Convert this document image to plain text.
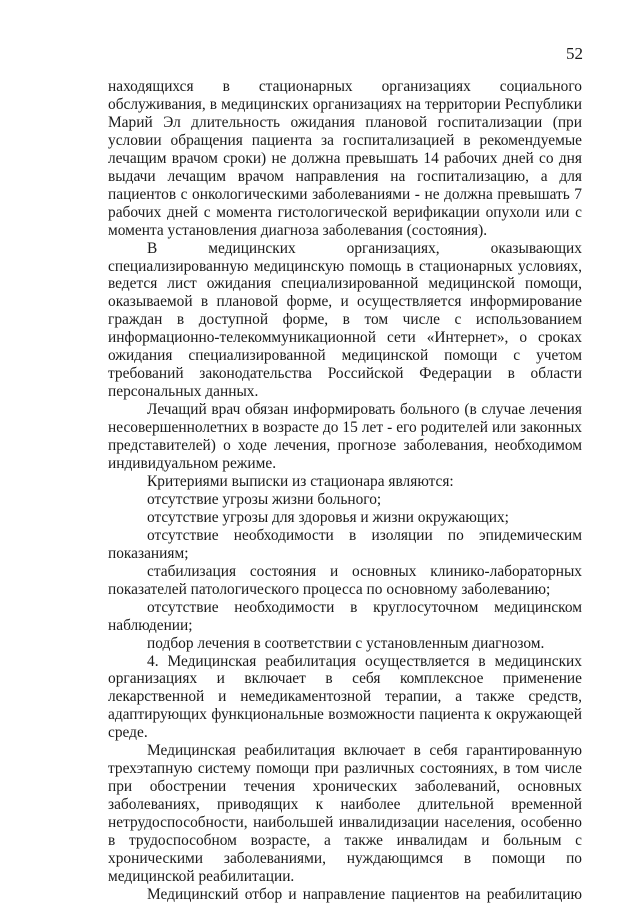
52

находящихся в стационарных организациях социального обслуживания, в медицинских организациях на территории Республики Марий Эл длительность ожидания плановой госпитализации (при условии обращения пациента за госпитализацией в рекомендуемые лечащим врачом сроки) не должна превышать 14 рабочих дней со дня выдачи лечащим врачом направления на госпитализацию, а для пациентов с онкологическими заболеваниями - не должна превышать 7 рабочих дней с момента гистологической верификации опухоли или с момента установления диагноза заболевания (состояния).

В медицинских организациях, оказывающих специализированную медицинскую помощь в стационарных условиях, ведется лист ожидания специализированной медицинской помощи, оказываемой в плановой форме, и осуществляется информирование граждан в доступной форме, в том числе с использованием информационно-телекоммуникационной сети «Интернет», о сроках ожидания специализированной медицинской помощи с учетом требований законодательства Российской Федерации в области персональных данных.

Лечащий врач обязан информировать больного (в случае лечения несовершеннолетних в возрасте до 15 лет - его родителей или законных представителей) о ходе лечения, прогнозе заболевания, необходимом индивидуальном режиме.

Критериями выписки из стационара являются:

отсутствие угрозы жизни больного;

отсутствие угрозы для здоровья и жизни окружающих;

отсутствие необходимости в изоляции по эпидемическим показаниям;

стабилизация состояния и основных клинико-лабораторных показателей патологического процесса по основному заболеванию;

отсутствие необходимости в круглосуточном медицинском наблюдении;

подбор лечения в соответствии с установленным диагнозом.

4. Медицинская реабилитация осуществляется в медицинских организациях и включает в себя комплексное применение лекарственной и немедикаментозной терапии, а также средств, адаптирующих функциональные возможности пациента к окружающей среде.

Медицинская реабилитация включает в себя гарантированную трехэтапную систему помощи при различных состояниях, в том числе при обострении течения хронических заболеваний, основных заболеваниях, приводящих к наиболее длительной временной нетрудоспособности, наибольшей инвалидизации населения, особенно в трудоспособном возрасте, а также инвалидам и больным с хроническими заболеваниями, нуждающимся в помощи по медицинской реабилитации.

Медицинский отбор и направление пациентов на реабилитацию
